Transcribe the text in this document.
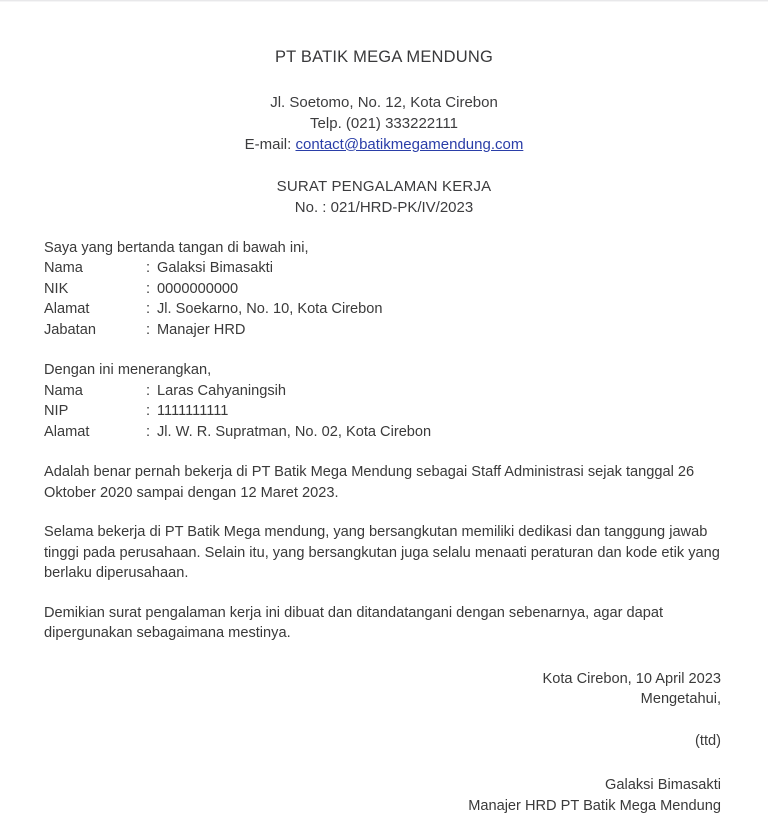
PT BATIK MEGA MENDUNG
Jl. Soetomo, No. 12, Kota Cirebon
Telp. (021) 333222111
E-mail: contact@batikmegamendung.com
SURAT PENGALAMAN KERJA
No. : 021/HRD-PK/IV/2023
Saya yang bertanda tangan di bawah ini,
Nama	:	Galaksi Bimasakti
NIK	:	0000000000
Alamat	:	Jl. Soekarno, No. 10, Kota Cirebon
Jabatan	:	Manajer HRD
Dengan ini menerangkan,
Nama	:	Laras Cahyaningsih
NIP	:	1111111111
Alamat	:	Jl. W. R. Supratman, No. 02, Kota Cirebon

Adalah benar pernah bekerja di PT Batik Mega Mendung sebagai Staff Administrasi sejak tanggal 26 Oktober 2020 sampai dengan 12 Maret 2023.

Selama bekerja di PT Batik Mega mendung, yang bersangkutan memiliki dedikasi dan tanggung jawab tinggi pada perusahaan. Selain itu, yang bersangkutan juga selalu menaati peraturan dan kode etik yang berlaku diperusahaan.

Demikian surat pengalaman kerja ini dibuat dan ditandatangani dengan sebenarnya, agar dapat dipergunakan sebagaimana mestinya.

Kota Cirebon, 10 April 2023
Mengetahui,
(ttd)
Galaksi Bimasakti
Manajer HRD PT Batik Mega Mendung
